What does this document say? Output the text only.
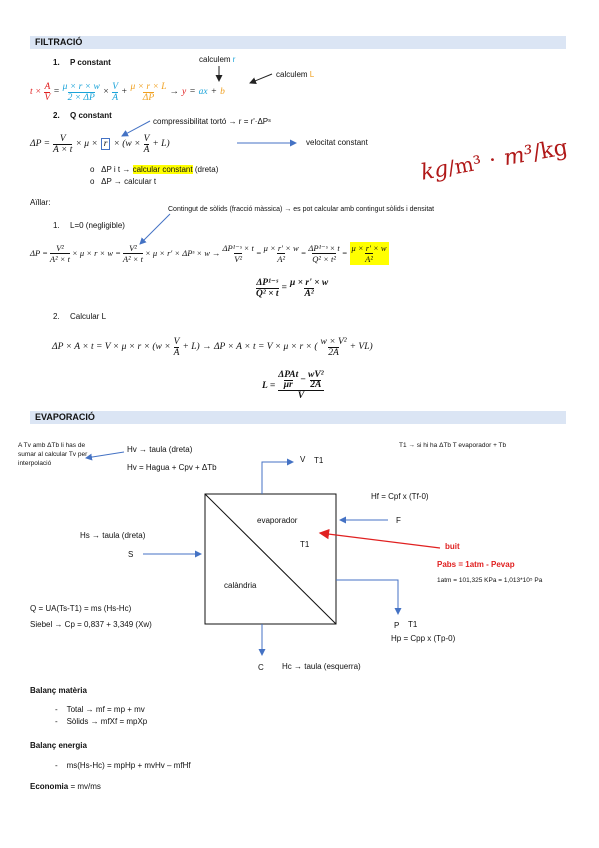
FILTRACIÓ
1. P constant	calculem r
calculem L
$t \times \frac{A}{V} = \frac{\mu \times r \times w}{2 \times \Delta P} \times \frac{V}{A} + \frac{\mu \times r \times L}{\Delta P} \to y$ = ax + b
2. Q constant
compressibilitat tortó → r = r'·ΔPˢ
$\Delta P = \frac{V}{A \times t} \times \mu \times r \times (w \times \frac{V}{A} + L)$	velocitat constant
kg/m³ · m³/kg
o   ΔP i t → calcular constant (dreta)
o   ΔP → calcular t
Aïllar:
Contingut de sòlids (fracció màssica) → es pot calcular amb contingut sòlids i densitat
1. L=0 (negligible)
$\Delta P = \frac{\text{V²}}{\text{A² × t}} \times \mu \times r \times w = \frac{\text{V²}}{\text{A² × t}} \times \mu \times r'$ × ΔPˢ × $w \to \frac{\text{ΔP¹⁻ˢ × t}}{\text{V²}} = \frac{\mu \times r' \times w}{\text{A²}} = \frac{\text{ΔP¹⁻ˢ × t}}{\text{Q² × t²}} = \frac{\mu \times r' \times w}{\text{A²}}$
$\frac{\text{ΔP¹⁻ˢ}}{\text{Q² × t}} = \frac{\mu \times r' \times w}{\text{A²}}$
2. Calcular L
$\Delta P \times A \times t = V \times \mu \times r \times (w \times \frac{V}{A} + L) \to \Delta P \times A \times t = V \times \mu \times r$ × (
w × V²
2A
+ VL)
L =
ΔPAt
$\mu r - \frac{\text{wV²}}{2A}$
V
EVAPORACIÓ
A Tv amb ΔTb li has de sumar al calcular Tv per interpolació
Hv → taula (dreta)
Hv = Hagua + Cpv + ΔTb
V T1
T1 → si hi ha ΔTb T evaporador + Tb
Hf = Cpf x (Tf-0)
F
evaporador
T1
calàndria
Hs → taula (dreta)
S
buit
Pabs = 1atm - Pevap
1atm = 101,325 KPa = 1,013*10⁵ Pa
Q = UA(Ts-T1) = ms (Hs-Hc)
Siebel → Cp = 0,837 + 3,349 (Xw)	P T1
Hp = Cpp x (Tp-0)
C Hc → taula (esquerra)
Balanç matèria
-    Total → mf = mp + mv
-    Sòlids → mfXf = mpXp
Balanç energia
-    ms(Hs-Hc) = mpHp + mvHv – mfHf
Economia = mv/ms
